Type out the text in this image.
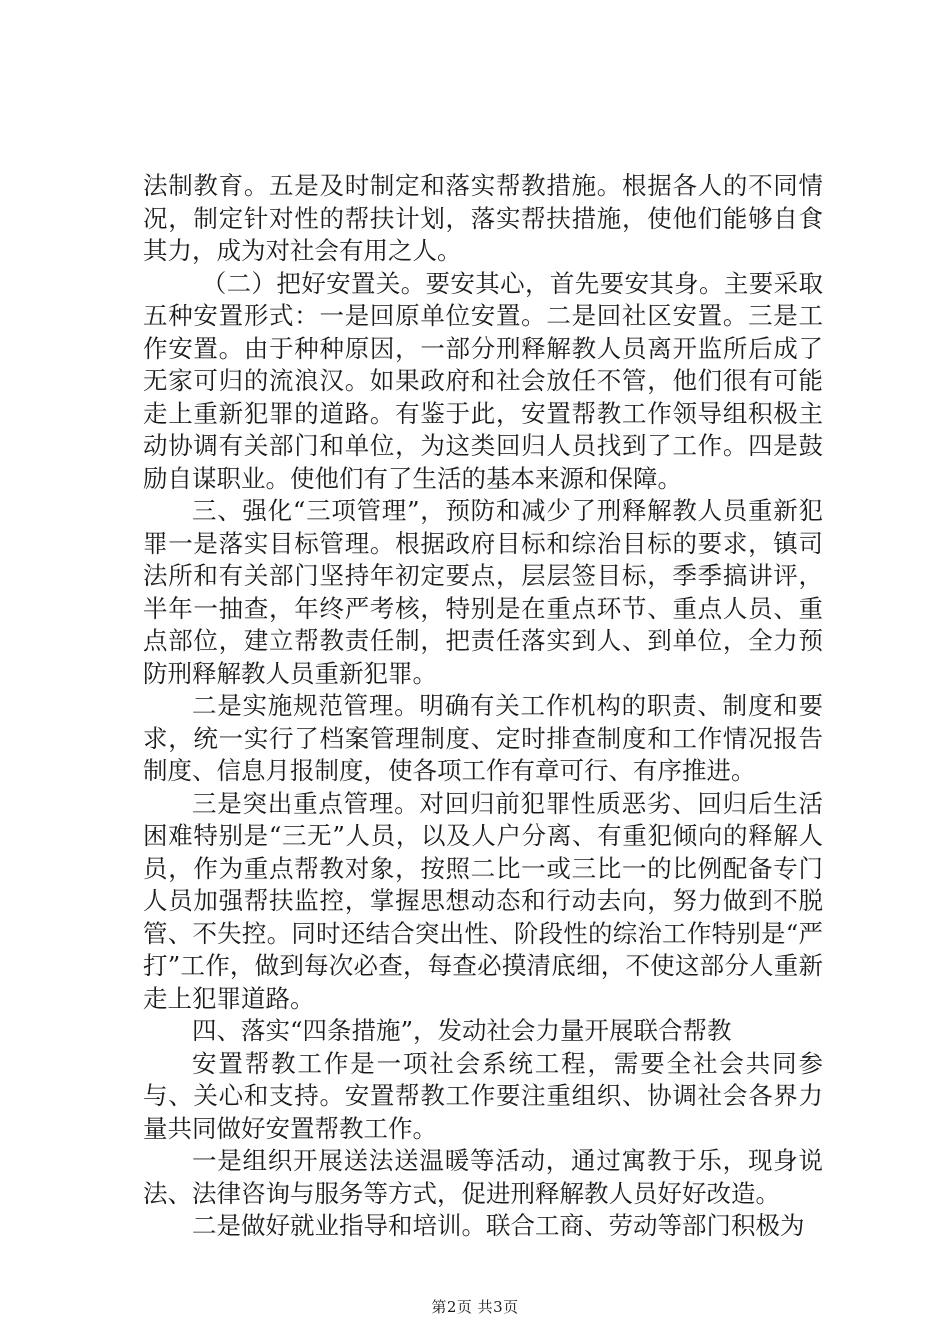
法制教育。五是及时制定和落实帮教措施。根据各人的不同情况，制定针对性的帮扶计划，落实帮扶措施，使他们能够自食其力，成为对社会有用之人。

（二）把好安置关。要安其心，首先要安其身。主要采取五种安置形式：一是回原单位安置。二是回社区安置。三是工作安置。由于种种原因，一部分刑释解教人员离开监所后成了无家可归的流浪汉。如果政府和社会放任不管，他们很有可能走上重新犯罪的道路。有鉴于此，安置帮教工作领导组积极主动协调有关部门和单位，为这类回归人员找到了工作。四是鼓励自谋职业。使他们有了生活的基本来源和保障。

三、强化“三项管理”，预防和减少了刑释解教人员重新犯罪一是落实目标管理。根据政府目标和综治目标的要求，镇司法所和有关部门坚持年初定要点，层层签目标，季季搞讲评，半年一抽查，年终严考核，特别是在重点环节、重点人员、重点部位，建立帮教责任制，把责任落实到人、到单位，全力预防刑释解教人员重新犯罪。

二是实施规范管理。明确有关工作机构的职责、制度和要求，统一实行了档案管理制度、定时排查制度和工作情况报告制度、信息月报制度，使各项工作有章可行、有序推进。

三是突出重点管理。对回归前犯罪性质恶劣、回归后生活困难特别是“三无”人员，以及人户分离、有重犯倾向的释解人员，作为重点帮教对象，按照二比一或三比一的比例配备专门人员加强帮扶监控，掌握思想动态和行动去向，努力做到不脱管、不失控。同时还结合突出性、阶段性的综治工作特别是“严打”工作，做到每次必查，每查必摸清底细，不使这部分人重新走上犯罪道路。

四、落实“四条措施”，发动社会力量开展联合帮教

安置帮教工作是一项社会系统工程，需要全社会共同参与、关心和支持。安置帮教工作要注重组织、协调社会各界力量共同做好安置帮教工作。

一是组织开展送法送温暖等活动，通过寓教于乐，现身说法、法律咨询与服务等方式，促进刑释解教人员好好改造。

二是做好就业指导和培训。联合工商、劳动等部门积极为

第2页 共3页
